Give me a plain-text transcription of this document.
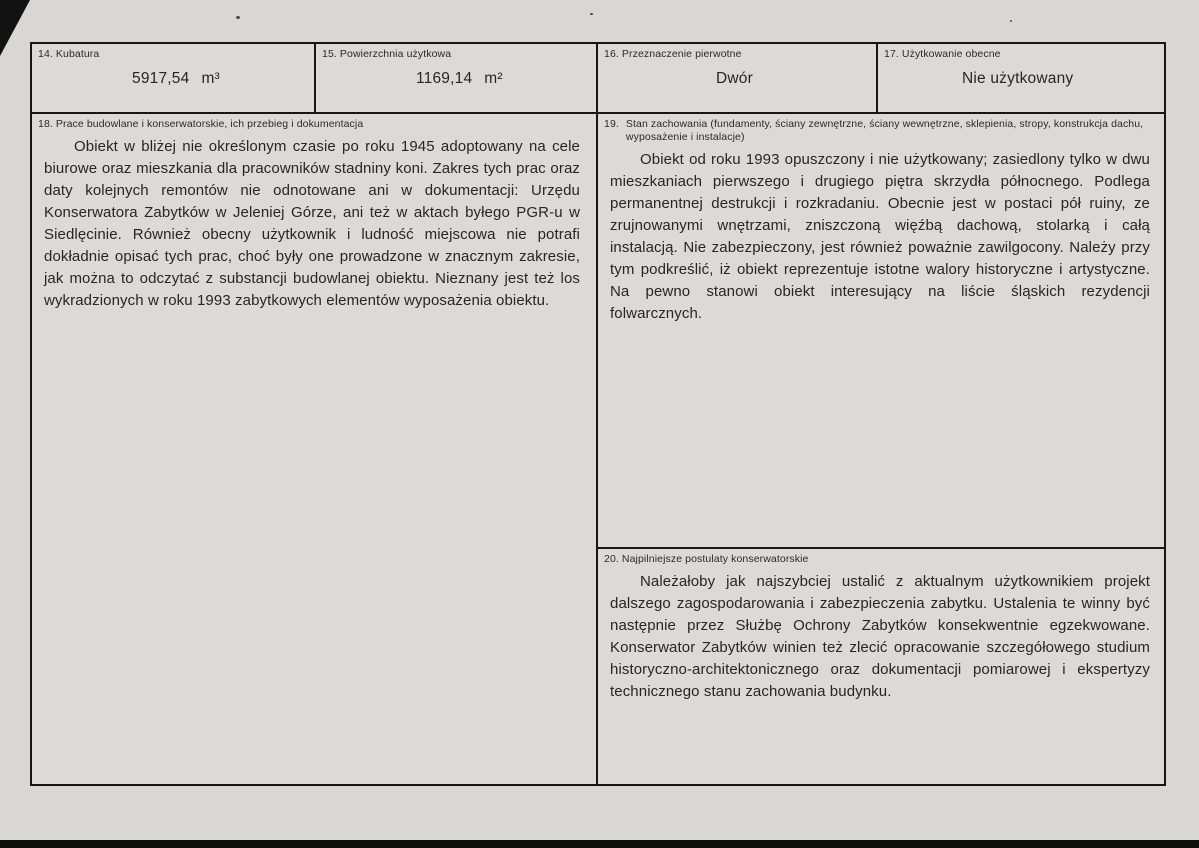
14. Kubatura
5917,54 m³
15. Powierzchnia użytkowa
1169,14 m²
16. Przeznaczenie pierwotne
Dwór
17. Użytkowanie obecne
Nie użytkowany
18. Prace budowlane i konserwatorskie, ich przebieg i dokumentacja

Obiekt w bliżej nie określonym czasie po roku 1945 adoptowany na cele biurowe oraz mieszkania dla pracowników stadniny koni. Zakres tych prac oraz daty kolejnych remontów nie odnotowane ani w dokumentacji: Urzędu Konserwatora Zabytków w Jeleniej Górze, ani też w aktach byłego PGR-u w Siedlęcinie. Również obecny użytkownik i ludność miejscowa nie potrafi dokładnie opisać tych prac, choć były one prowadzone w znacznym zakresie, jak można to odczytać z substancji budowlanej obiektu. Nieznany jest też los wykradzionych w roku 1993 zabytkowych elementów wyposażenia obiektu.

19. Stan zachowania (fundamenty, ściany zewnętrzne, ściany wewnętrzne, sklepienia, stropy, konstrukcja dachu, wyposażenie i instalacje)

Obiekt od roku 1993 opuszczony i nie użytkowany; zasiedlony tylko w dwu mieszkaniach pierwszego i drugiego piętra skrzydła północnego. Podlega permanentnej destrukcji i rozkradaniu. Obecnie jest w postaci pół ruiny, ze zrujnowanymi wnętrzami, zniszczoną więźbą dachową, stolarką i całą instalacją. Nie zabezpieczony, jest również poważnie zawilgocony. Należy przy tym podkreślić, iż obiekt reprezentuje istotne walory historyczne i artystyczne. Na pewno stanowi obiekt interesujący na liście śląskich rezydencji folwarcznych.

20. Najpilniejsze postulaty konserwatorskie

Należałoby jak najszybciej ustalić z aktualnym użytkownikiem projekt dalszego zagospodarowania i zabezpieczenia zabytku. Ustalenia te winny być następnie przez Służbę Ochrony Zabytków konsekwentnie egzekwowane. Konserwator Zabytków winien też zlecić opracowanie szczegółowego studium historyczno-architektonicznego oraz dokumentacji pomiarowej i ekspertyzy technicznego stanu zachowania budynku.
